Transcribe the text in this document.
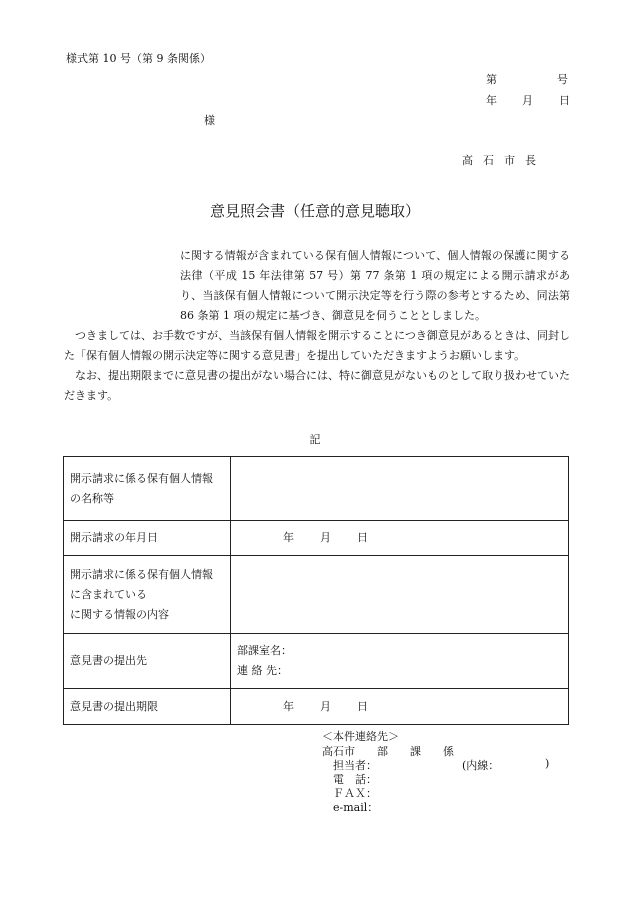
様式第 10 号（第 9 条関係）
第	号
年 月 日
様
高石市長
意見照会書（任意的意見聴取）

に関する情報が含まれている保有個人情報について、個人情報の保護に関する法律（平成 15 年法律第 57 号）第 77 条第 1 項の規定による開示請求があり、当該保有個人情報について開示決定等を行う際の参考とするため、同法第 86 条第 1 項の規定に基づき、御意見を伺うこととしました。

つきましては、お手数ですが、当該保有個人情報を開示することにつき御意見があるときは、同封した「保有個人情報の開示決定等に関する意見書」を提出していただきますようお願いします。

なお、提出期限までに意見書の提出がない場合には、特に御意見がないものとして取り扱わせていただきます。

記
開示請求に係る保有個人情報
の名称等	

開示請求の年月日	年 月 日

開示請求に係る保有個人情報
に含まれている
に関する情報の内容	

意見書の提出先	部課室名：
連 絡 先：

意見書の提出期限	年 月 日
＜本件連絡先＞
高石市　　部　　課　　係
担当者：	(内線：	)
電　話：
ＦＡＸ：
e-mail：
